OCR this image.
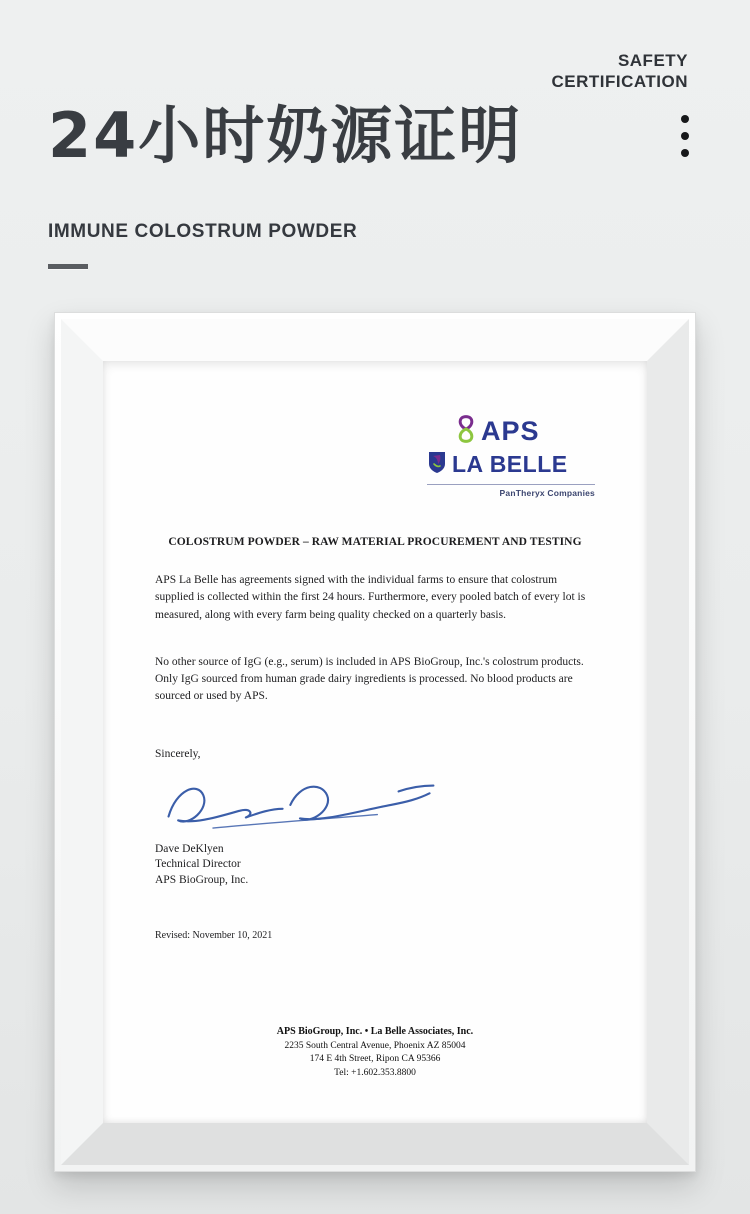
SAFETY
CERTIFICATION
24小时奶源证明
IMMUNE COLOSTRUM POWDER
APS
LA BELLE
PanTheryx Companies
COLOSTRUM POWDER – RAW MATERIAL PROCUREMENT AND TESTING

APS La Belle has agreements signed with the individual farms to ensure that colostrum supplied is collected within the first 24 hours. Furthermore, every pooled batch of every lot is measured, along with every farm being quality checked on a quarterly basis.

No other source of IgG (e.g., serum) is included in APS BioGroup, Inc.'s colostrum products. Only IgG sourced from human grade dairy ingredients is processed. No blood products are sourced or used by APS.

Sincerely,
Dave DeKlyen
Technical Director
APS BioGroup, Inc.
Revised: November 10, 2021
APS BioGroup, Inc. • La Belle Associates, Inc.
2235 South Central Avenue, Phoenix AZ 85004
174 E 4th Street, Ripon CA 95366
Tel: +1.602.353.8800
